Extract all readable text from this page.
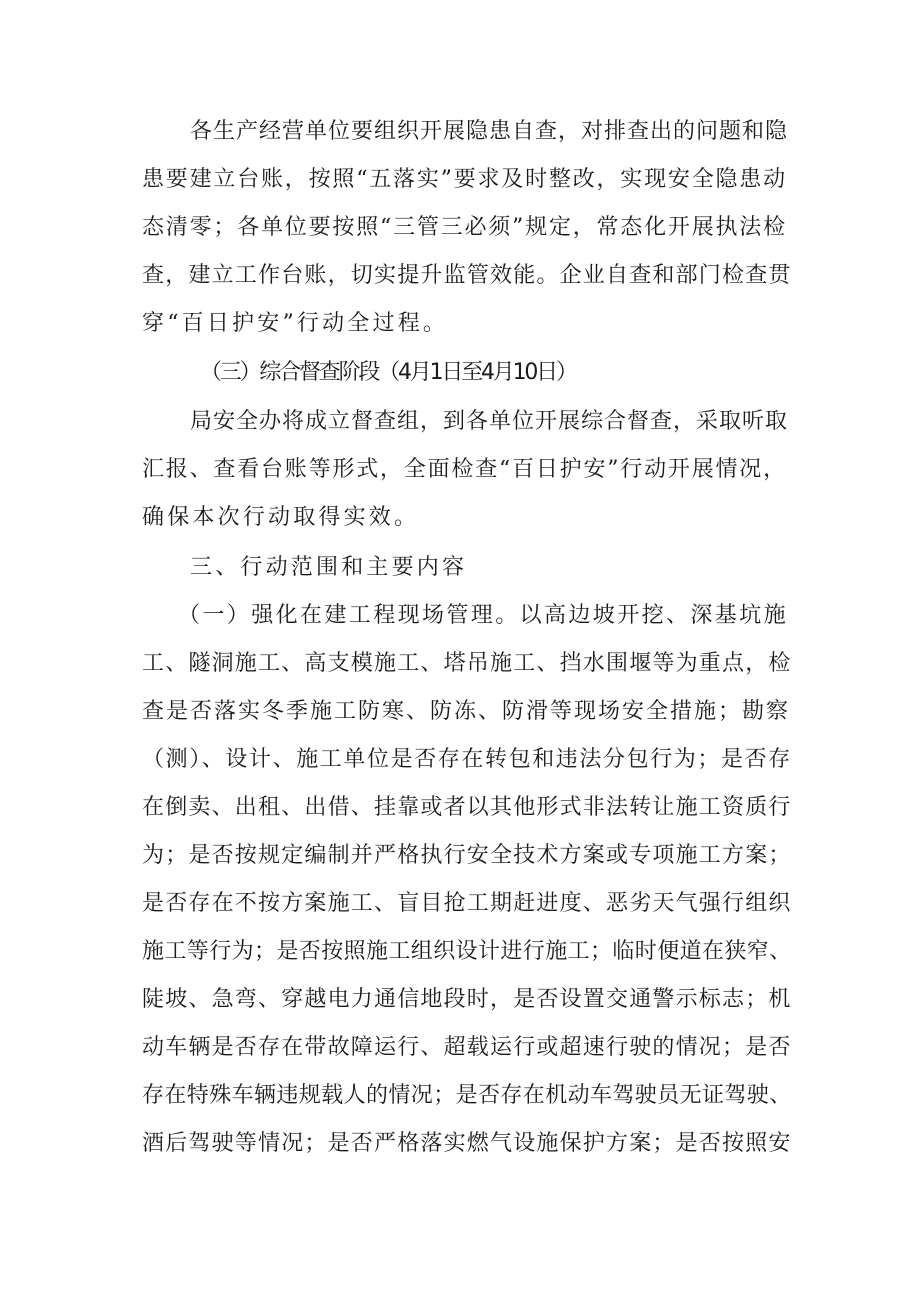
各生产经营单位要组织开展隐患自查，对排查出的问题和隐
患要建立台账，按照“五落实”要求及时整改，实现安全隐患动
态清零；各单位要按照“三管三必须”规定，常态化开展执法检
查，建立工作台账，切实提升监管效能。企业自查和部门检查贯
穿“百日护安”行动全过程。
（三）综合督查阶段（4月1日至4月10日）
局安全办将成立督查组，到各单位开展综合督查，采取听取
汇报、查看台账等形式，全面检查“百日护安”行动开展情况，
确保本次行动取得实效。
三、行动范围和主要内容
（一）强化在建工程现场管理。以高边坡开挖、深基坑施
工、隧洞施工、高支模施工、塔吊施工、挡水围堰等为重点，检
查是否落实冬季施工防寒、防冻、防滑等现场安全措施；勘察
（测）、设计、施工单位是否存在转包和违法分包行为；是否存
在倒卖、出租、出借、挂靠或者以其他形式非法转让施工资质行
为；是否按规定编制并严格执行安全技术方案或专项施工方案；
是否存在不按方案施工、盲目抢工期赶进度、恶劣天气强行组织
施工等行为；是否按照施工组织设计进行施工；临时便道在狭窄、
陡坡、急弯、穿越电力通信地段时，是否设置交通警示标志；机
动车辆是否存在带故障运行、超载运行或超速行驶的情况；是否
存在特殊车辆违规载人的情况；是否存在机动车驾驶员无证驾驶、
酒后驾驶等情况；是否严格落实燃气设施保护方案；是否按照安
